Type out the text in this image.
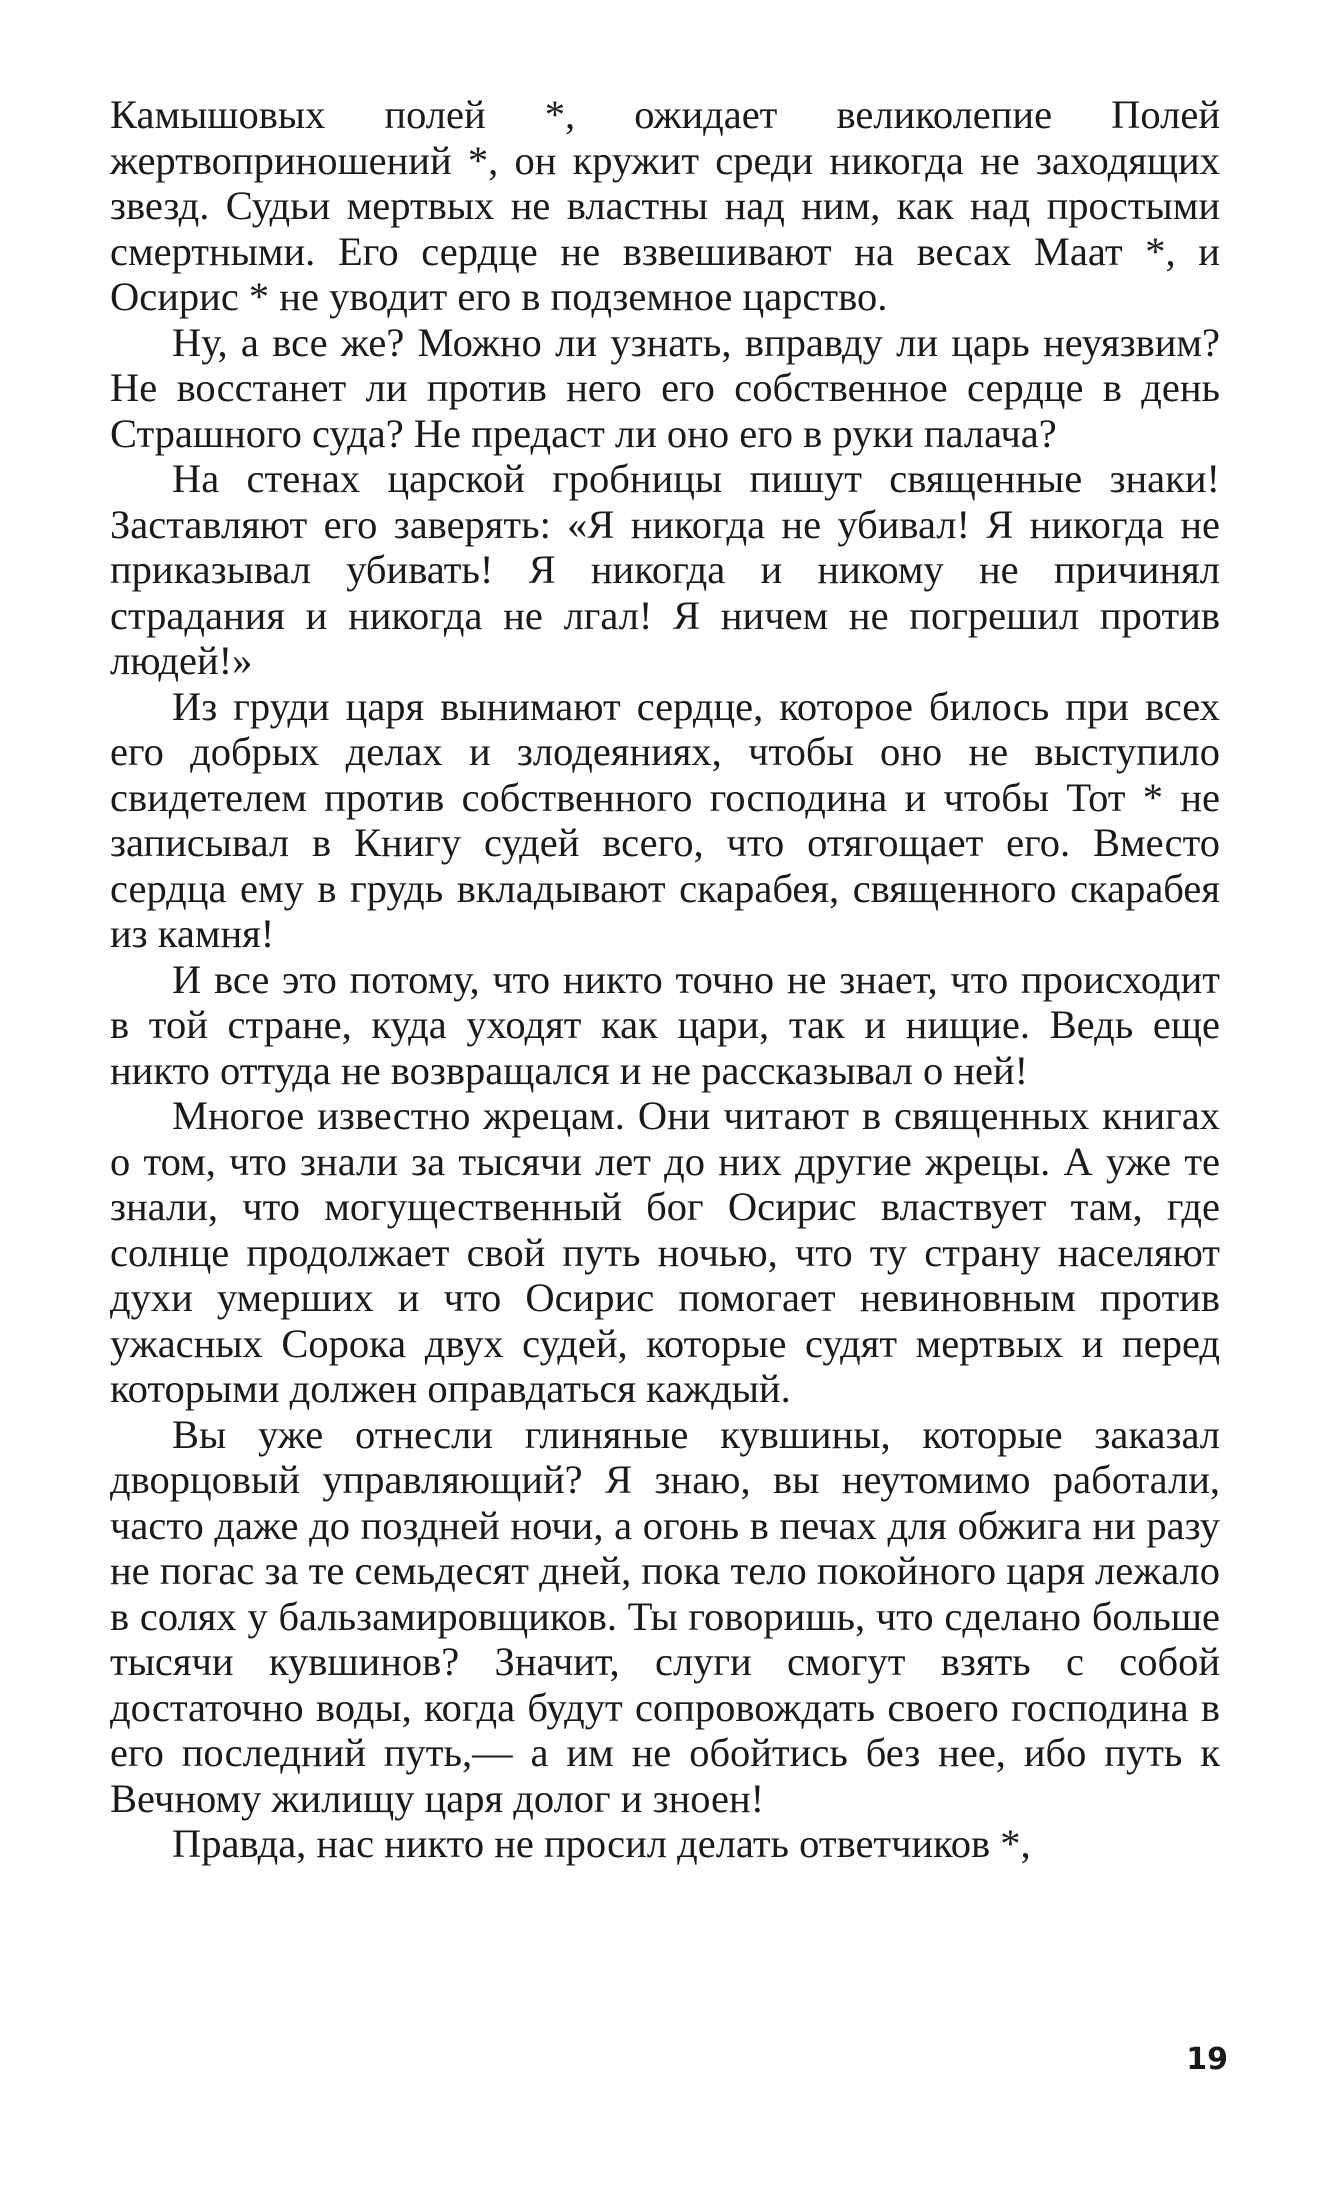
Камышовых полей *, ожидает великолепие Полей жертвоприношений *, он кружит среди никогда не заходящих звезд. Судьи мертвых не властны над ним, как над простыми смертными. Его сердце не взвешивают на весах Маат *, и Осирис * не уводит его в подземное царство.

Ну, а все же? Можно ли узнать, вправду ли царь неуязвим? Не восстанет ли против него его собственное сердце в день Страшного суда? Не предаст ли оно его в руки палача?

На стенах царской гробницы пишут священные знаки! Заставляют его заверять: «Я никогда не убивал! Я никогда не приказывал убивать! Я никогда и никому не причинял страдания и никогда не лгал! Я ничем не погрешил против людей!»

Из груди царя вынимают сердце, которое билось при всех его добрых делах и злодеяниях, чтобы оно не выступило свидетелем против собственного господина и чтобы Тот * не записывал в Книгу судей всего, что отягощает его. Вместо сердца ему в грудь вкладывают скарабея, священного скарабея из камня!

И все это потому, что никто точно не знает, что происходит в той стране, куда уходят как цари, так и нищие. Ведь еще никто оттуда не возвращался и не рассказывал о ней!

Многое известно жрецам. Они читают в священных книгах о том, что знали за тысячи лет до них другие жрецы. А уже те знали, что могущественный бог Осирис властвует там, где солнце продолжает свой путь ночью, что ту страну населяют духи умерших и что Осирис помогает невиновным против ужасных Сорока двух судей, которые судят мертвых и перед которыми должен оправдаться каждый.

Вы уже отнесли глиняные кувшины, которые заказал дворцовый управляющий? Я знаю, вы неутомимо работали, часто даже до поздней ночи, а огонь в печах для обжига ни разу не погас за те семьдесят дней, пока тело покойного царя лежало в солях у бальзамировщиков. Ты говоришь, что сделано больше тысячи кувшинов? Значит, слуги смогут взять с собой достаточно воды, когда будут сопровождать своего господина в его последний путь,— а им не обойтись без нее, ибо путь к Вечному жилищу царя долог и зноен!

Правда, нас никто не просил делать ответчиков *,

19
